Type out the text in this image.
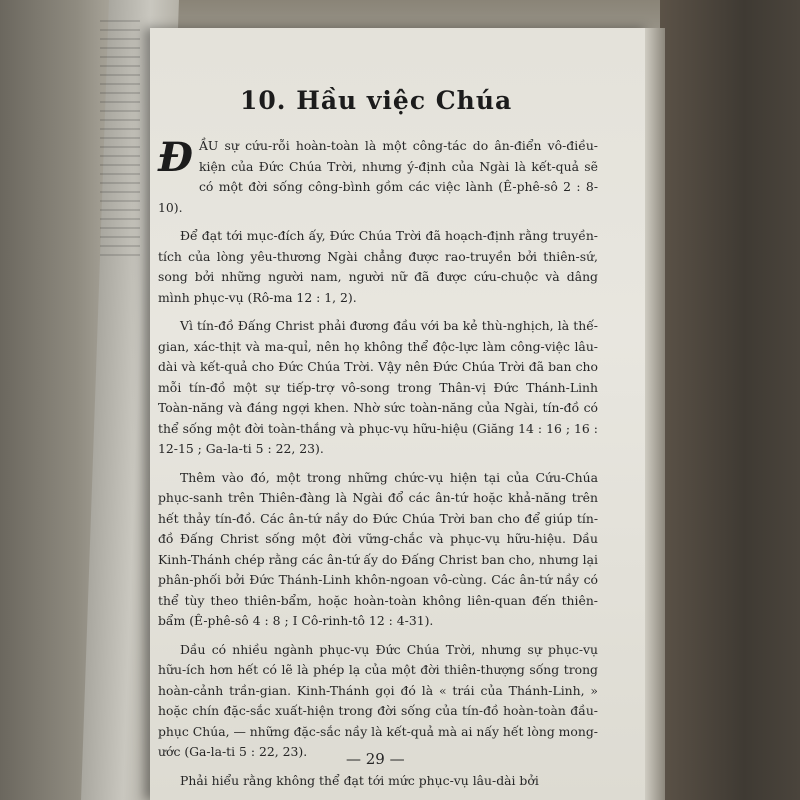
10. Hầu việc Chúa

Đ ẦU sự cứu-rỗi hoàn-toàn là một công-tác do ân-điển vô-điều-kiện của Đức Chúa Trời, nhưng ý-định của Ngài là kết-quả sẽ có một đời sống công-bình gồm các việc lành (Ê-phê-sô 2 : 8-10).

Để đạt tới mục-đích ấy, Đức Chúa Trời đã hoạch-định rằng truyền-tích của lòng yêu-thương Ngài chẳng được rao-truyền bởi thiên-sứ, song bởi những người nam, người nữ đã được cứu-chuộc và dâng mình phục-vụ (Rô-ma 12 : 1, 2).

Vì tín-đồ Đấng Christ phải đương đầu với ba kẻ thù-nghịch, là thế-gian, xác-thịt và ma-quỉ, nên họ không thể độc-lực làm công-việc lâu-dài và kết-quả cho Đức Chúa Trời. Vậy nên Đức Chúa Trời đã ban cho mỗi tín-đồ một sự tiếp-trợ vô-song trong Thân-vị Đức Thánh-Linh Toàn-năng và đáng ngợi khen. Nhờ sức toàn-năng của Ngài, tín-đồ có thể sống một đời toàn-thắng và phục-vụ hữu-hiệu (Giăng 14 : 16 ; 16 : 12-15 ; Ga-la-ti 5 : 22, 23).

Thêm vào đó, một trong những chức-vụ hiện tại của Cứu-Chúa phục-sanh trên Thiên-đàng là Ngài đổ các ân-tứ hoặc khả-năng trên hết thảy tín-đồ. Các ân-tứ nầy do Đức Chúa Trời ban cho để giúp tín-đồ Đấng Christ sống một đời vững-chắc và phục-vụ hữu-hiệu. Dầu Kinh-Thánh chép rằng các ân-tứ ấy do Đấng Christ ban cho, nhưng lại phân-phối bởi Đức Thánh-Linh khôn-ngoan vô-cùng. Các ân-tứ nầy có thể tùy theo thiên-bẩm, hoặc hoàn-toàn không liên-quan đến thiên-bẩm (Ê-phê-sô 4 : 8 ; I Cô-rinh-tô 12 : 4-31).

Dầu có nhiều ngành phục-vụ Đức Chúa Trời, nhưng sự phục-vụ hữu-ích hơn hết có lẽ là phép lạ của một đời thiên-thượng sống trong hoàn-cảnh trần-gian. Kinh-Thánh gọi đó là « trái của Thánh-Linh, » hoặc chín đặc-sắc xuất-hiện trong đời sống của tín-đồ hoàn-toàn đầu-phục Chúa, — những đặc-sắc nầy là kết-quả mà ai nấy hết lòng mong-ước (Ga-la-ti 5 : 22, 23).

Phải hiểu rằng không thể đạt tới mức phục-vụ lâu-dài bởi

— 29 —
